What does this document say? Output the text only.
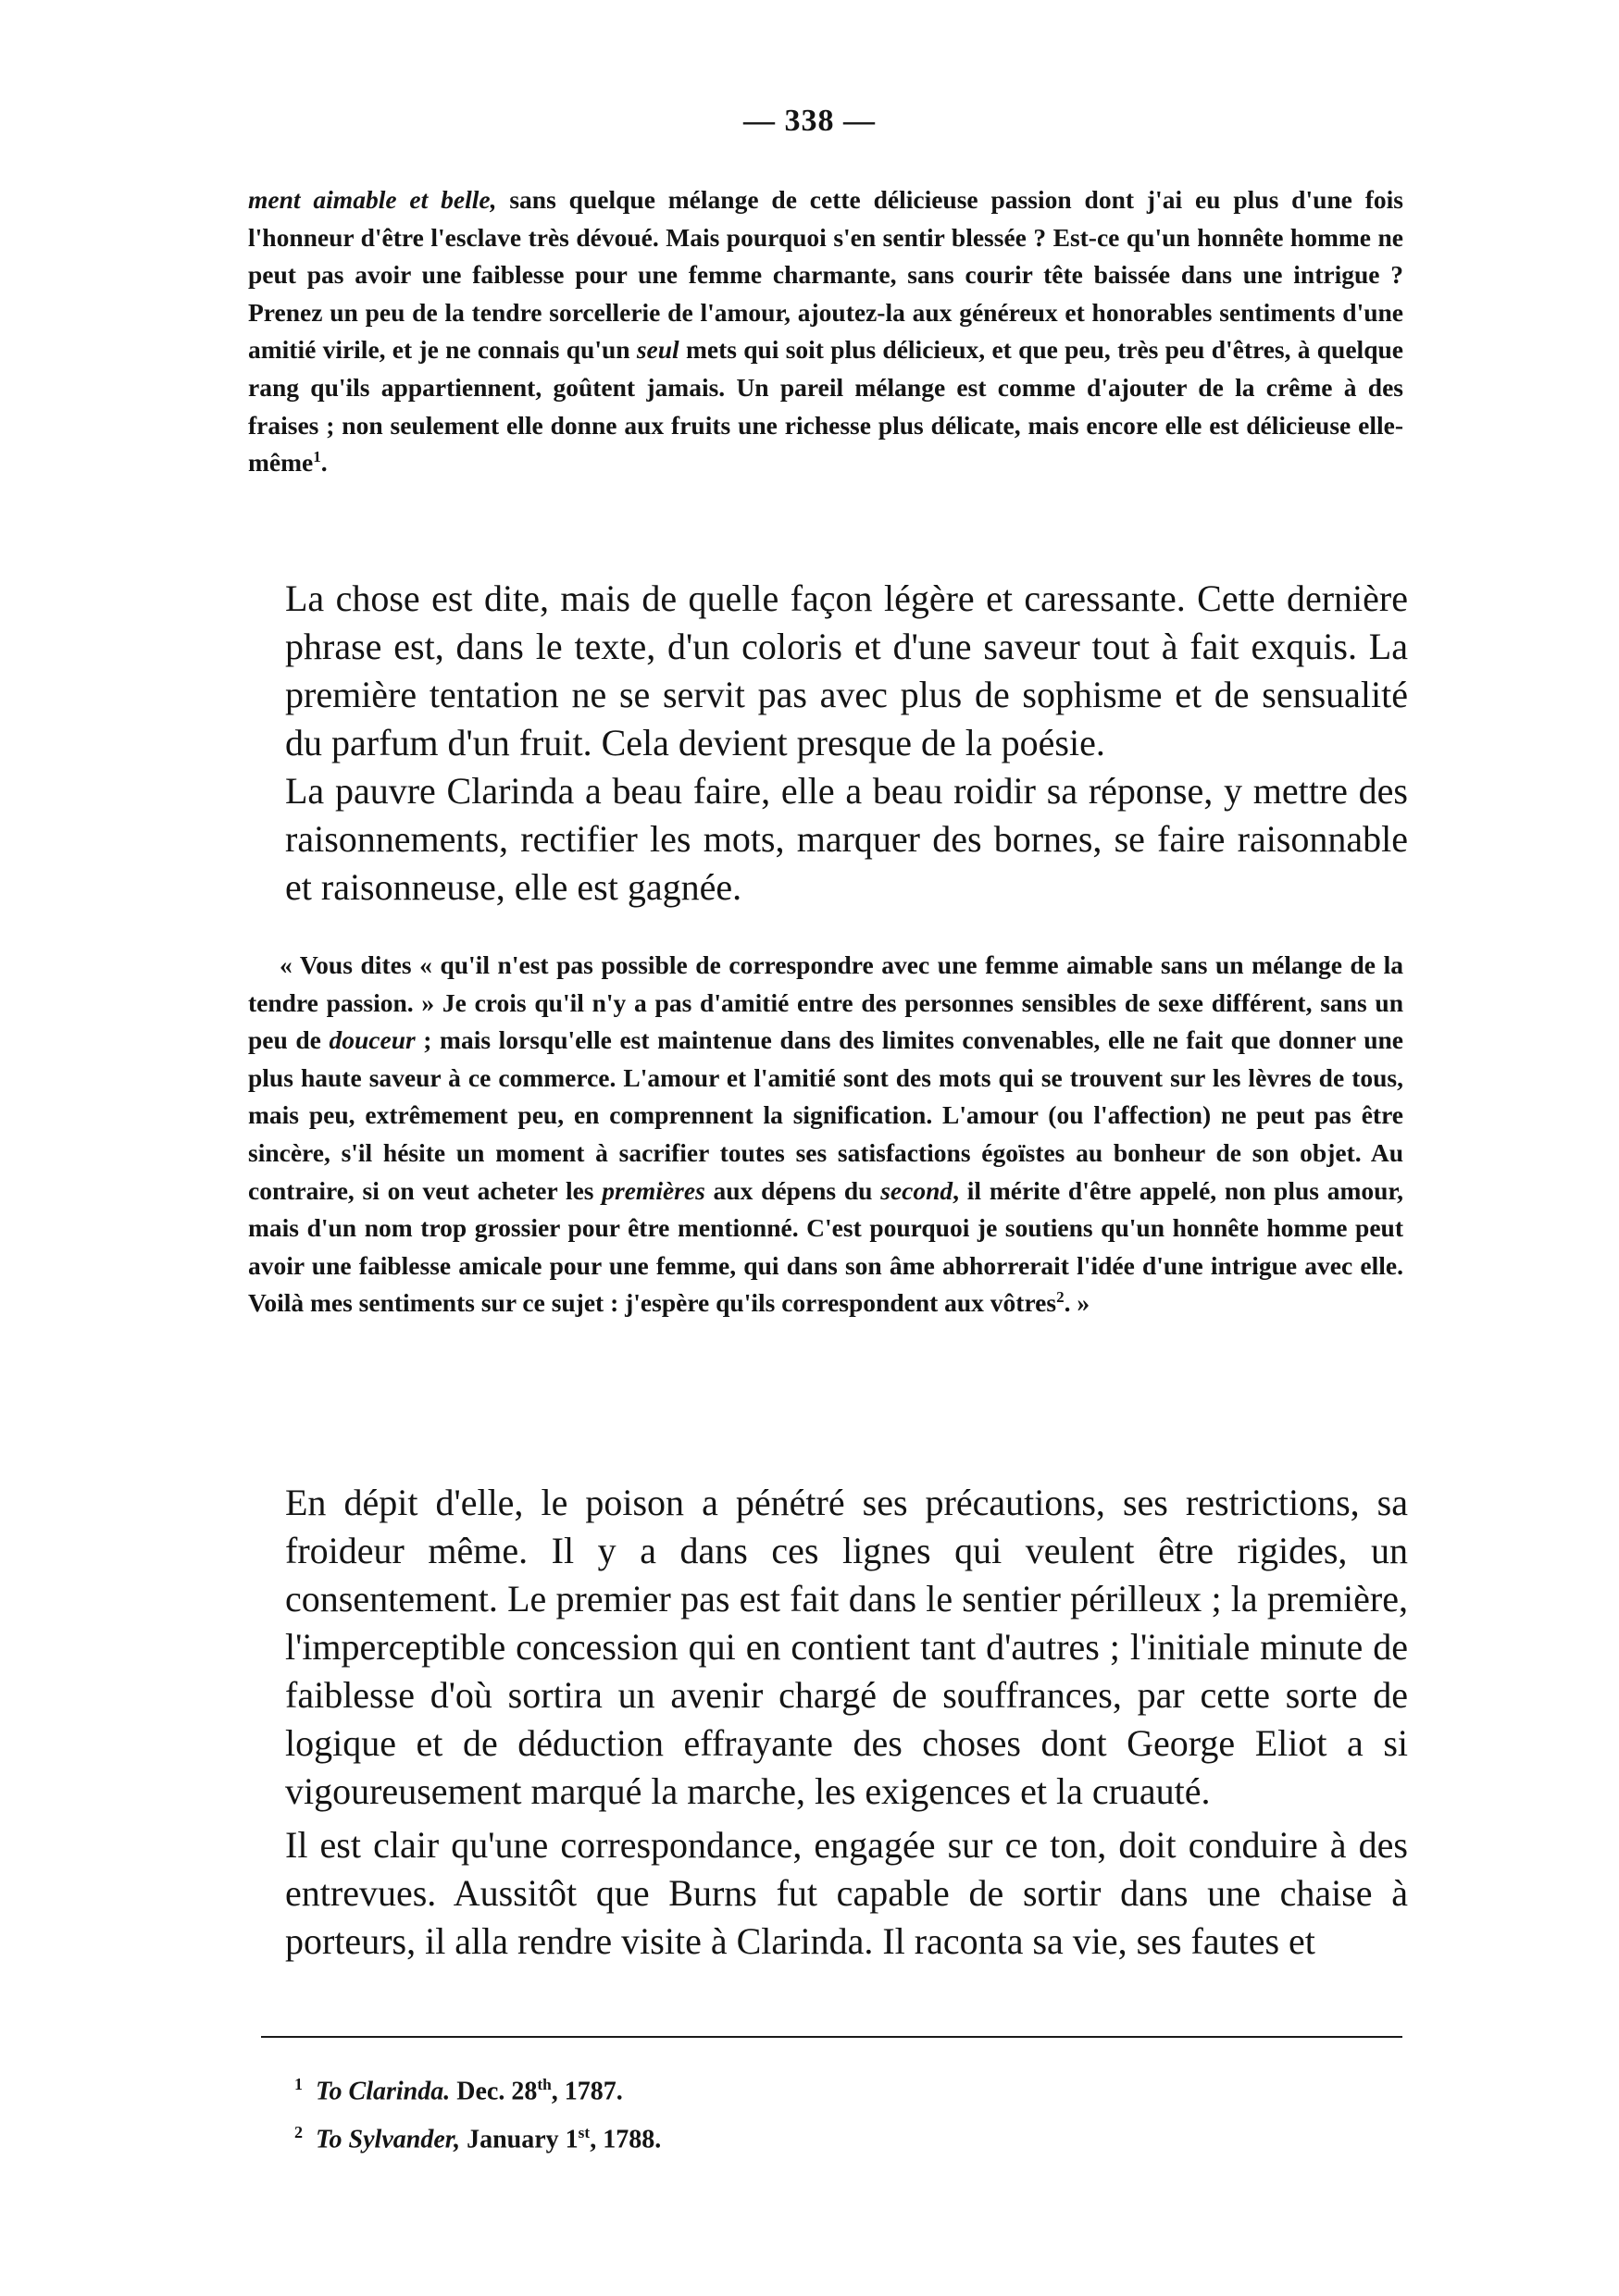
— 338 —

ment aimable et belle, sans quelque mélange de cette délicieuse passion dont j'ai eu plus d'une fois l'honneur d'être l'esclave très dévoué. Mais pourquoi s'en sentir blessée ? Est-ce qu'un honnête homme ne peut pas avoir une faiblesse pour une femme charmante, sans courir tête baissée dans une intrigue ? Prenez un peu de la tendre sorcellerie de l'amour, ajoutez-la aux généreux et honorables sentiments d'une amitié virile, et je ne connais qu'un seul mets qui soit plus délicieux, et que peu, très peu d'êtres, à quelque rang qu'ils appartiennent, goûtent jamais. Un pareil mélange est comme d'ajouter de la crême à des fraises ; non seulement elle donne aux fruits une richesse plus délicate, mais encore elle est délicieuse elle-même$^1$.

La chose est dite, mais de quelle façon légère et caressante. Cette dernière phrase est, dans le texte, d'un coloris et d'une saveur tout à fait exquis. La première tentation ne se servit pas avec plus de sophisme et de sensualité du parfum d'un fruit. Cela devient presque de la poésie.

La pauvre Clarinda a beau faire, elle a beau roidir sa réponse, y mettre des raisonnements, rectifier les mots, marquer des bornes, se faire raisonnable et raisonneuse, elle est gagnée.

« Vous dites « qu'il n'est pas possible de correspondre avec une femme aimable sans un mélange de la tendre passion. » Je crois qu'il n'y a pas d'amitié entre des personnes sensibles de sexe différent, sans un peu de douceur ; mais lorsqu'elle est maintenue dans des limites convenables, elle ne fait que donner une plus haute saveur à ce commerce. L'amour et l'amitié sont des mots qui se trouvent sur les lèvres de tous, mais peu, extrêmement peu, en comprennent la signification. L'amour (ou l'affection) ne peut pas être sincère, s'il hésite un moment à sacrifier toutes ses satisfactions égoïstes au bonheur de son objet. Au contraire, si on veut acheter les premières aux dépens du second, il mérite d'être appelé, non plus amour, mais d'un nom trop grossier pour être mentionné. C'est pourquoi je soutiens qu'un honnête homme peut avoir une faiblesse amicale pour une femme, qui dans son âme abhorrerait l'idée d'une intrigue avec elle. Voilà mes sentiments sur ce sujet : j'espère qu'ils correspondent aux vôtres$^2$. »

En dépit d'elle, le poison a pénétré ses précautions, ses restrictions, sa froideur même. Il y a dans ces lignes qui veulent être rigides, un consentement. Le premier pas est fait dans le sentier périlleux ; la première, l'imperceptible concession qui en contient tant d'autres ; l'initiale minute de faiblesse d'où sortira un avenir chargé de souffrances, par cette sorte de logique et de déduction effrayante des choses dont George Eliot a si vigoureusement marqué la marche, les exigences et la cruauté.

Il est clair qu'une correspondance, engagée sur ce ton, doit conduire à des entrevues. Aussitôt que Burns fut capable de sortir dans une chaise à porteurs, il alla rendre visite à Clarinda. Il raconta sa vie, ses fautes et

$^1$ To Clarinda. Dec. 28th, 1787.
$^2$ To Sylvander, January 1st, 1788.
